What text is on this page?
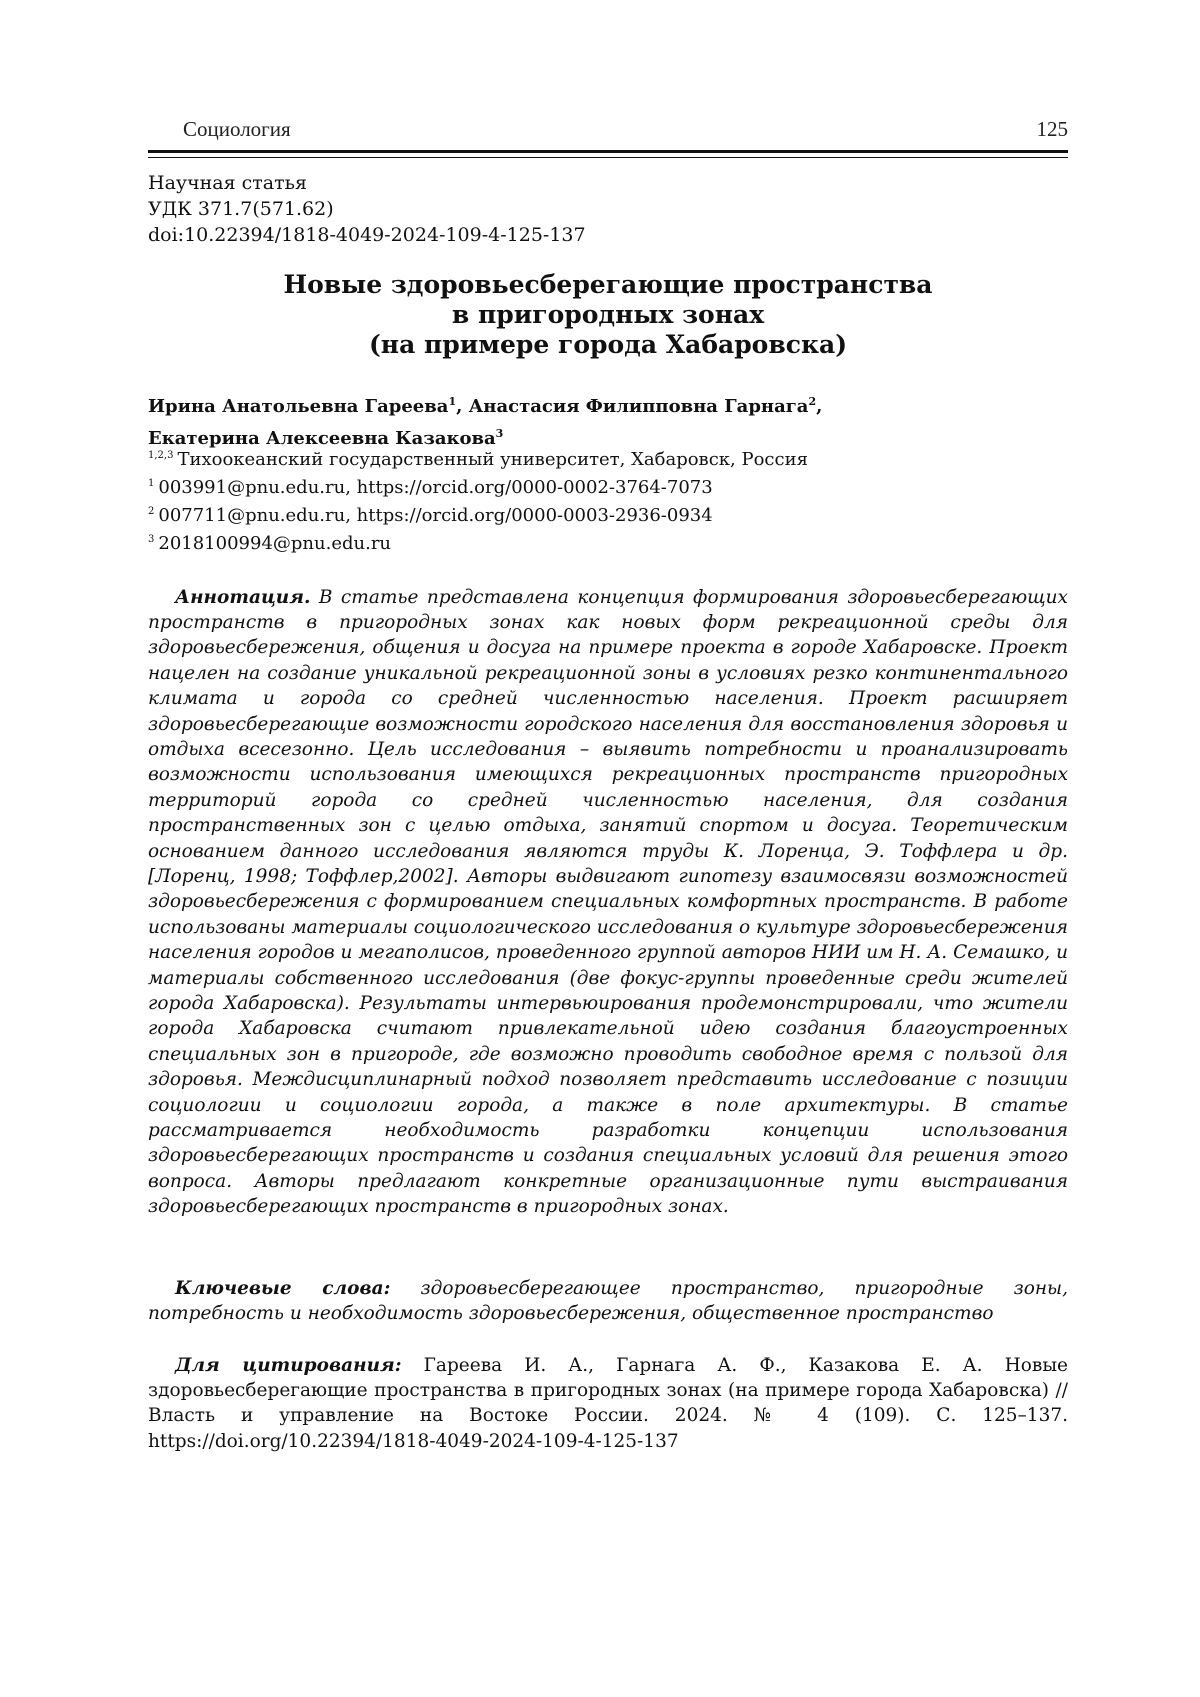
Социология	125
Научная статья
УДК 371.7(571.62)
doi:10.22394/1818-4049-2024-109-4-125-137
Новые здоровьесберегающие пространства
в пригородных зонах
(на примере города Хабаровска)
Ирина Анатольевна Гареева$^1$, Анастасия Филипповна Гарнага$^2$,
Екатерина Алексеевна Казакова$^3$
$^{1,2,3}$ Тихоокеанский государственный университет, Хабаровск, Россия
$^1$ 003991@pnu.edu.ru, https://orcid.org/0000-0002-3764-7073
$^2$ 007711@pnu.edu.ru, https://orcid.org/0000-0003-2936-0934
$^3$ 2018100994@pnu.edu.ru

Аннотация. В статье представлена концепция формирования здоровьесберегающих пространств в пригородных зонах как новых форм рекреационной среды для здоровьесбережения, общения и досуга на примере проекта в городе Хабаровске. Проект нацелен на создание уникальной рекреационной зоны в условиях резко континентального климата и города со средней численностью населения. Проект расширяет здоровьесберегающие возможности городского населения для восстановления здоровья и отдыха всесезонно. Цель исследования – выявить потребности и проанализировать возможности использования имеющихся рекреационных пространств пригородных территорий города со средней численностью населения, для создания пространственных зон с целью отдыха, занятий спортом и досуга. Теоретическим основанием данного исследования являются труды К. Лоренца, Э. Тоффлера и др. [Лоренц, 1998; Тоффлер,2002]. Авторы выдвигают гипотезу взаимосвязи возможностей здоровьесбережения с формированием специальных комфортных пространств. В работе использованы материалы социологического исследования о культуре здоровьесбережения населения городов и мегаполисов, проведенного группой авторов НИИ им Н. А. Семашко, и материалы собственного исследования (две фокус-группы проведенные среди жителей города Хабаровска). Результаты интервьюирования продемонстрировали, что жители города Хабаровска считают привлекательной идею создания благоустроенных специальных зон в пригороде, где возможно проводить свободное время с пользой для здоровья. Междисциплинарный подход позволяет представить исследование с позиции социологии и социологии города, а также в поле архитектуры. В статье рассматривается необходимость разработки концепции использования здоровьесберегающих пространств и создания специальных условий для решения этого вопроса. Авторы предлагают конкретные организационные пути выстраивания здоровьесберегающих пространств в пригородных зонах.

Ключевые слова: здоровьесберегающее пространство, пригородные зоны, потребность и необходимость здоровьесбережения, общественное пространство

Для цитирования: Гареева И. А., Гарнага А. Ф., Казакова Е. А. Новые здоровьесберегающие пространства в пригородных зонах (на примере города Хабаровска) // Власть и управление на Востоке России. 2024. № 4 (109). С. 125–137. https://doi.org/10.22394/1818-4049-2024-109-4-125-137
